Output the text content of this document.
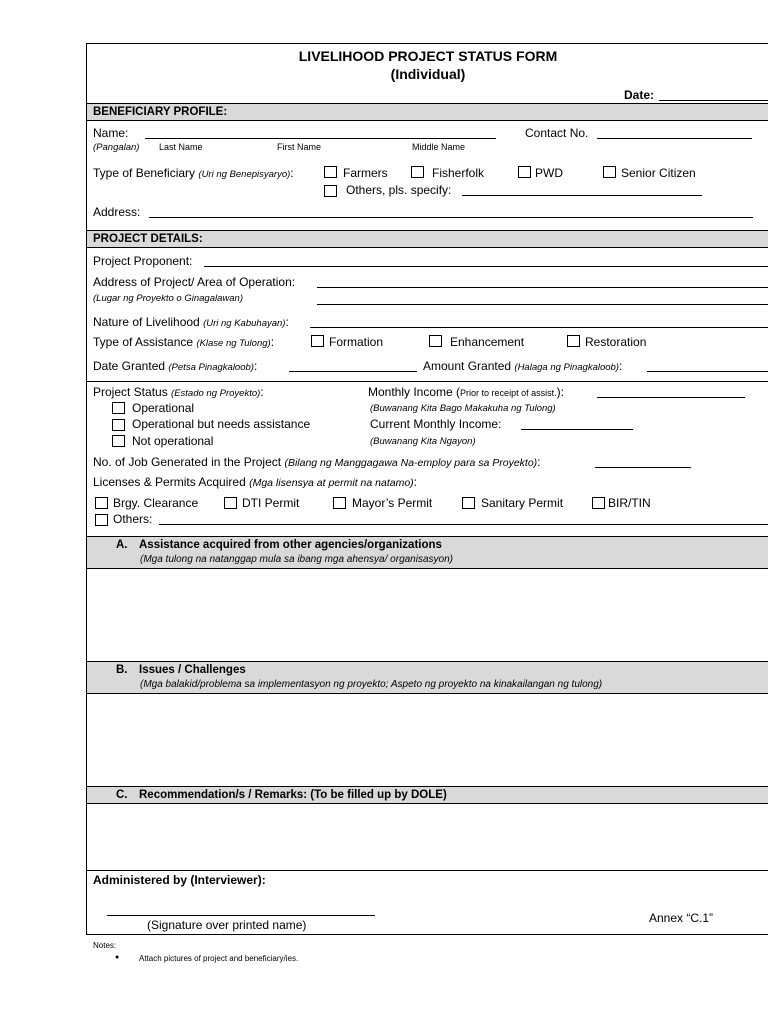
LIVELIHOOD PROJECT STATUS FORM
(Individual)
Date:
BENEFICIARY PROFILE:
Name:
(Pangalan) Last Name	First Name	Middle Name
Contact No.
Type of Beneficiary (Uri ng Benepisyaryo):	Farmers	Fisherfolk	PWD	Senior Citizen
Others, pls. specify:
Address:
PROJECT DETAILS:
Project Proponent:
Address of Project/ Area of Operation:
(Lugar ng Proyekto o Ginagalawan)
Nature of Livelihood (Uri ng Kabuhayan):
Type of Assistance (Klase ng Tulong):	Formation	Enhancement	Restoration
Date Granted (Petsa Pinagkaloob):	Amount Granted (Halaga ng Pinagkaloob):
Project Status (Estado ng Proyekto):
Operational
Operational but needs assistance
Not operational
Monthly Income (Prior to receipt of assist.):
(Buwanang Kita Bago Makakuha ng Tulong)
Current Monthly Income:
(Buwanang Kita Ngayon)
No. of Job Generated in the Project (Bilang ng Manggagawa Na-employ para sa Proyekto):
Licenses & Permits Acquired (Mga lisensya at permit na natamo):
Brgy. Clearance	DTI Permit	Mayor’s Permit	Sanitary Permit	BIR/TIN
Others:
A. Assistance acquired from other agencies/organizations
(Mga tulong na natanggap mula sa ibang mga ahensya/ organisasyon)
B. Issues / Challenges
(Mga balakid/problema sa implementasyon ng proyekto; Aspeto ng proyekto na kinakailangan ng tulong)
C. Recommendation/s / Remarks: (To be filled up by DOLE)
Administered by (Interviewer):
(Signature over printed name)	Annex “C.1”
Notes:
● Attach pictures of project and beneficiary/ies.
